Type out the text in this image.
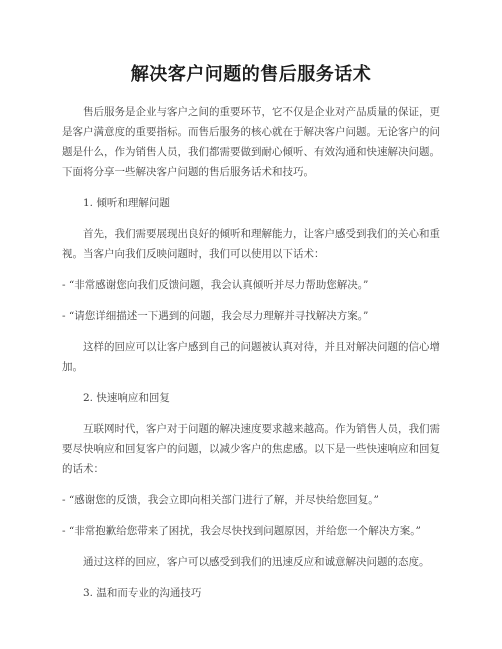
解决客户问题的售后服务话术

售后服务是企业与客户之间的重要环节，它不仅是企业对产品质量的保证，更是客户满意度的重要指标。而售后服务的核心就在于解决客户问题。无论客户的问题是什么，作为销售人员，我们都需要做到耐心倾听、有效沟通和快速解决问题。下面将分享一些解决客户问题的售后服务话术和技巧。

1. 倾听和理解问题

首先，我们需要展现出良好的倾听和理解能力，让客户感受到我们的关心和重视。当客户向我们反映问题时，我们可以使用以下话术：

- “非常感谢您向我们反馈问题，我会认真倾听并尽力帮助您解决。”

- “请您详细描述一下遇到的问题，我会尽力理解并寻找解决方案。”

这样的回应可以让客户感到自己的问题被认真对待，并且对解决问题的信心增加。

2. 快速响应和回复

互联网时代，客户对于问题的解决速度要求越来越高。作为销售人员，我们需要尽快响应和回复客户的问题，以减少客户的焦虑感。以下是一些快速响应和回复的话术：

- “感谢您的反馈，我会立即向相关部门进行了解，并尽快给您回复。”

- “非常抱歉给您带来了困扰，我会尽快找到问题原因，并给您一个解决方案。”

通过这样的回应，客户可以感受到我们的迅速反应和诚意解决问题的态度。

3. 温和而专业的沟通技巧
